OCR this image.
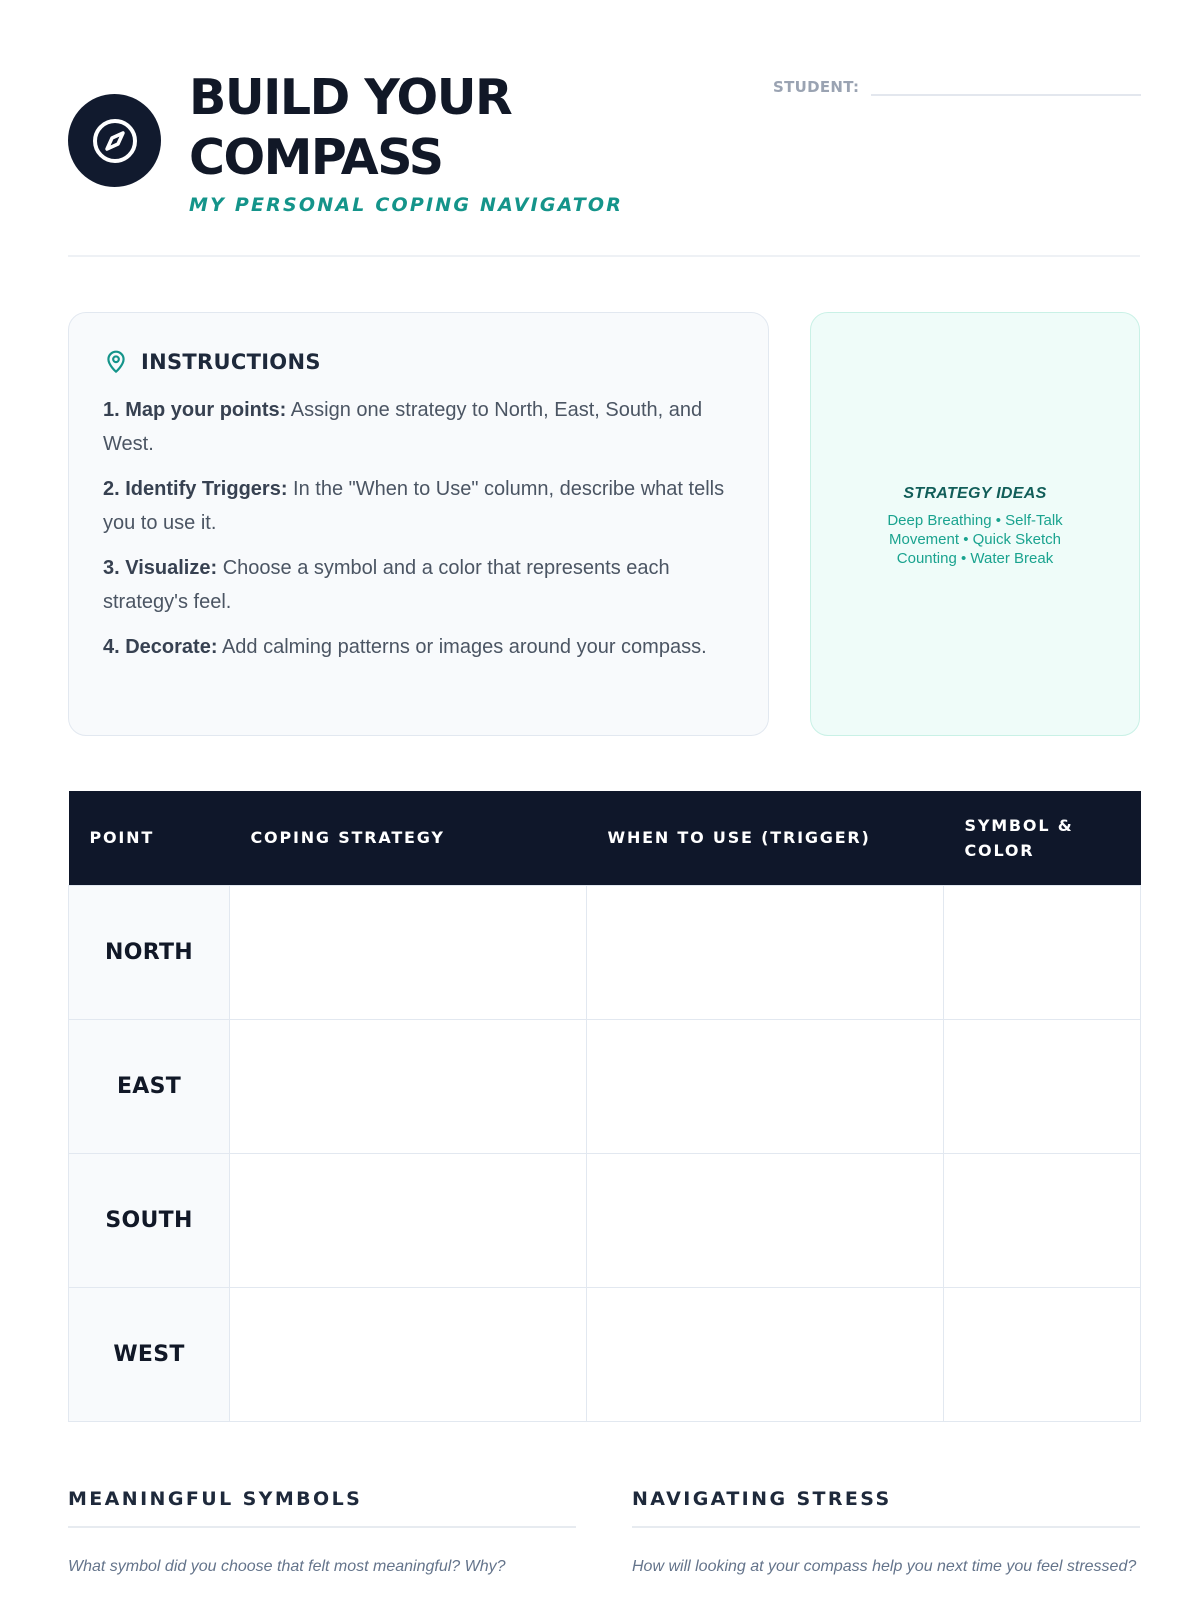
BUILD YOUR COMPASS
MY PERSONAL COPING NAVIGATOR
STUDENT:
INSTRUCTIONS

1. Map your points: Assign one strategy to North, East, South, and West.

2. Identify Triggers: In the "When to Use" column, describe what tells you to use it.

3. Visualize: Choose a symbol and a color that represents each strategy's feel.

4. Decorate: Add calming patterns or images around your compass.

STRATEGY IDEAS
Deep Breathing • Self-Talk
Movement • Quick Sketch
Counting • Water Break
POINT	COPING STRATEGY	WHEN TO USE (TRIGGER)	SYMBOL & COLOR
NORTH			
EAST			
SOUTH			
WEST			
MEANINGFUL SYMBOLS
What symbol did you choose that felt most meaningful? Why?
NAVIGATING STRESS
How will looking at your compass help you next time you feel stressed?
